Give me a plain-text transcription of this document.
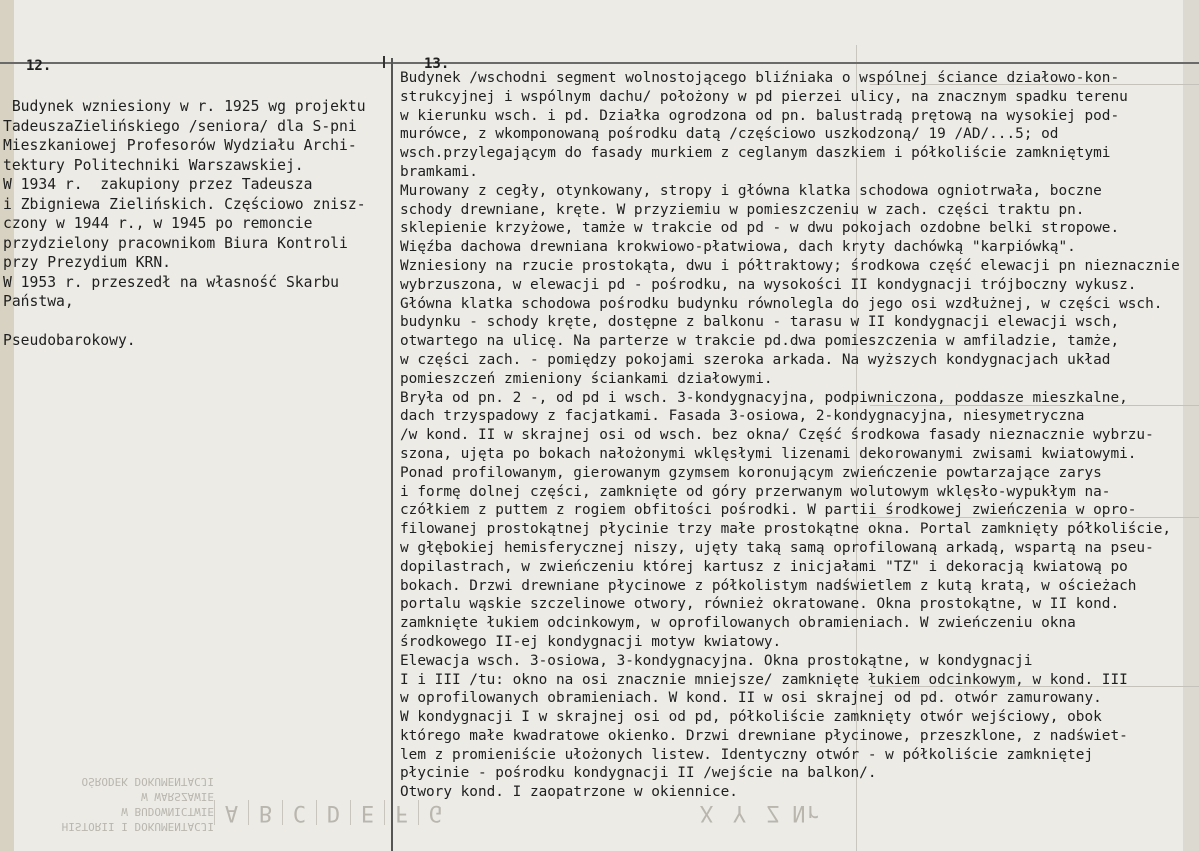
12.	13.
Budynek wzniesiony w r. 1925 wg projektu
TadeuszaZielińskiego /seniora/ dla S-pni
Mieszkaniowej Profesorów Wydziału Archi-
tektury Politechniki Warszawskiej.
W 1934 r.  zakupiony przez Tadeusza
i Zbigniewa Zielińskich. Częściowo znisz-
czony w 1944 r., w 1945 po remoncie
przydzielony pracownikom Biura Kontroli
przy Prezydium KRN.
W 1953 r. przeszedł na własność Skarbu
Państwa,
Pseudobarokowy.
Budynek /wschodni segment wolnostojącego bliźniaka o wspólnej ściance działowo-kon-
strukcyjnej i wspólnym dachu/ położony w pd pierzei ulicy, na znacznym spadku terenu
w kierunku wsch. i pd. Działka ogrodzona od pn. balustradą prętową na wysokiej pod-
murówce, z wkomponowaną pośrodku datą /częściowo uszkodzoną/ 19 /AD/...5; od
wsch.przylegającym do fasady murkiem z ceglanym daszkiem i półkoliście zamkniętymi
bramkami.
Murowany z cegły, otynkowany, stropy i główna klatka schodowa ogniotrwała, boczne
schody drewniane, kręte. W przyziemiu w pomieszczeniu w zach. części traktu pn.
sklepienie krzyżowe, tamże w trakcie od pd - w dwu pokojach ozdobne belki stropowe.
Więźba dachowa drewniana krokwiowo-płatwiowa, dach kryty dachówką "karpiówką".
Wzniesiony na rzucie prostokąta, dwu i półtraktowy; środkowa część elewacji pn nieznacznie
wybrzuszona, w elewacji pd - pośrodku, na wysokości II kondygnacji trójboczny wykusz.
Główna klatka schodowa pośrodku budynku równolegla do jego osi wzdłużnej, w części wsch.
budynku - schody kręte, dostępne z balkonu - tarasu w II kondygnacji elewacji wsch,
otwartego na ulicę. Na parterze w trakcie pd.dwa pomieszczenia w amfiladzie, tamże,
w części zach. - pomiędzy pokojami szeroka arkada. Na wyższych kondygnacjach układ
pomieszczeń zmieniony ściankami działowymi.
Bryła od pn. 2 -, od pd i wsch. 3-kondygnacyjna, podpiwniczona, poddasze mieszkalne,
dach trzyspadowy z facjatkami. Fasada 3-osiowa, 2-kondygnacyjna, niesymetryczna
/w kond. II w skrajnej osi od wsch. bez okna/ Część środkowa fasady nieznacznie wybrzu-
szona, ujęta po bokach nałożonymi wklęsłymi lizenami dekorowanymi zwisami kwiatowymi.
Ponad profilowanym, gierowanym gzymsem koronującym zwieńczenie powtarzające zarys
i formę dolnej części, zamknięte od góry przerwanym wolutowym wklęsło-wypukłym na-
czółkiem z puttem z rogiem obfitości pośrodki. W partii środkowej zwieńczenia w opro-
filowanej prostokątnej płycinie trzy małe prostokątne okna. Portal zamknięty półkoliście,
w głębokiej hemisferycznej niszy, ujęty taką samą oprofilowaną arkadą, wspartą na pseu-
dopilastrach, w zwieńczeniu której kartusz z inicjałami "TZ" i dekoracją kwiatową po
bokach. Drzwi drewniane płycinowe z półkolistym nadświetlem z kutą kratą, w ościeżach
portalu wąskie szczelinowe otwory, również okratowane. Okna prostokątne, w II kond.
zamknięte łukiem odcinkowym, w oprofilowanych obramieniach. W zwieńczeniu okna
środkowego II-ej kondygnacji motyw kwiatowy.
Elewacja wsch. 3-osiowa, 3-kondygnacyjna. Okna prostokątne, w kondygnacji
I i III /tu: okno na osi znacznie mniejsze/ zamknięte łukiem odcinkowym, w kond. III
w oprofilowanych obramieniach. W kond. II w osi skrajnej od pd. otwór zamurowany.
W kondygnacji I w skrajnej osi od pd, półkoliście zamknięty otwór wejściowy, obok
którego małe kwadratowe okienko. Drzwi drewniane płycinowe, przeszklone, z nadświet-
lem z promieniście ułożonych listew. Identyczny otwór - w półkoliście zamkniętej
płycinie - pośrodku kondygnacji II /wejście na balkon/.
Otwory kond. I zaopatrzone w okiennice.
HISTORII I DOKUMENTACJI
W BUDOWNICTWIE
W WARSZAWIE
OŚRODEK DOKUMENTACJI
A B C D E F G	X Y Z Nr
